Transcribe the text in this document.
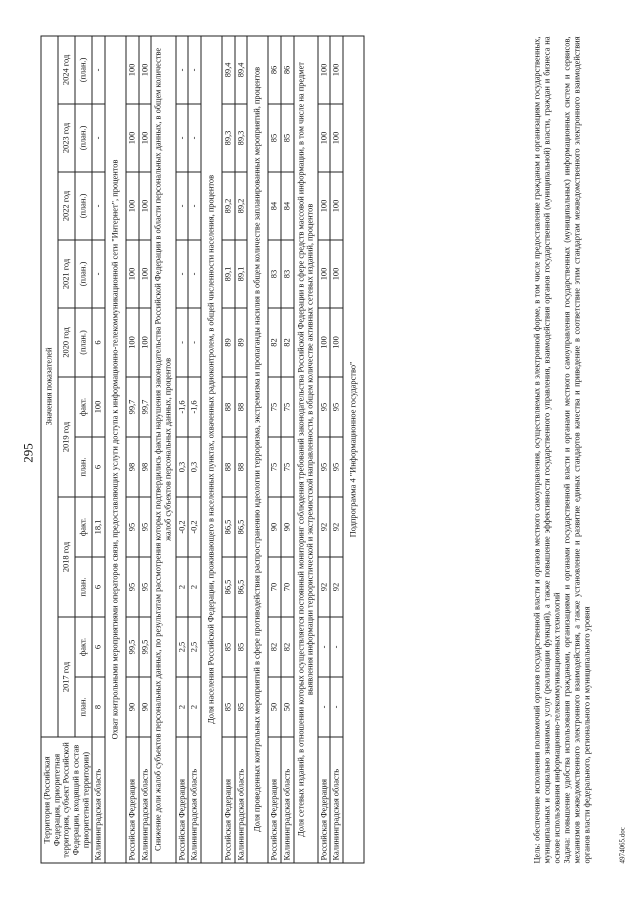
295
Территория (Российская Федерация, приоритетная территория, субъект Российской Федерации, входящий в состав приоритетной территории)	Значения показателей										
	2017 год		2018 год		2019 год		2020 год	2021 год	2022 год	2023 год	2024 год
	план.	факт.	план.	факт.	план.	факт.	(план.)	(план.)	(план.)	(план.)	(план.)
Калининградская область	8	6	6	18,1	6	100	6	-	-	-	-
Охват контрольными мероприятиями операторов связи, предоставляющих услуги доступа к информационно-телекоммуникационной сети "Интернет", процентов											
Российская Федерация	90	99,5	95	95	98	99,7	100	100	100	100	100
Калининградская область	90	99,5	95	95	98	99,7	100	100	100	100	100
Снижение доли жалоб субъектов персональных данных, по результатам рассмотрения которых подтвердились факты нарушения законодательства Российской Федерации в области персональных данных, в общем количестве жалоб субъектов персональных данных, процентов											
Российская Федерация	2	2,5	2	-0,2	0,3	-1,6	-	-	-	-	-
Калининградская область	2	2,5	2	-0,2	0,3	-1,6	-	-	-	-	-
Доля населения Российской Федерации, проживающего в населенных пунктах, охваченных радиоконтролем, в общей численности населения, процентов											
Российская Федерация	85	85	86,5	86,5	88	88	89	89,1	89,2	89,3	89,4
Калининградская область	85	85	86,5	86,5	88	88	89	89,1	89,2	89,3	89,4
Доля проведенных контрольных мероприятий в сфере противодействия распространению идеологии терроризма, экстремизма и пропаганды насилия в общем количестве запланированных мероприятий, процентов											
Российская Федерация	50	82	70	90	75	75	82	83	84	85	86
Калининградская область	50	82	70	90	75	75	82	83	84	85	86
Доля сетевых изданий, в отношении которых осуществляется постоянный мониторинг соблюдения требований законодательства Российской Федерации в сфере средств массовой информации, в том числе на предмет выявления информации террористической и экстремистской направленности, в общем количестве активных сетевых изданий, процентов											
Российская Федерация	-	-	92	92	95	95	100	100	100	100	100
Калининградская область	-	-	92	92	95	95	100	100	100	100	100
Подпрограмма 4 "Информационное государство"												Цель: обеспечение исполнения полномочий органов государственной власти и органов местного самоуправления, осуществляемых в электронной форме, в том числе предоставление гражданам и организациям государственных, муниципальных и социально значимых услуг (реализации функций), а также повышение эффективности государственного управления, взаимодействия органов государственной (муниципальной) власти, граждан и бизнеса на основе использования информационно-телекоммуникационных технологий Задача: повышение удобства использования гражданами, организациями и органами государственной власти и органами местного самоуправления государственных (муниципальных) информационных систем и сервисов, механизмов межведомственного электронного взаимодействия, а также установление и развитие единых стандартов качества и приведение в соответствие этим стандартам межведомственного электронного взаимодействия органов власти федерального, регионального и муниципального уровня	4974065.doc
